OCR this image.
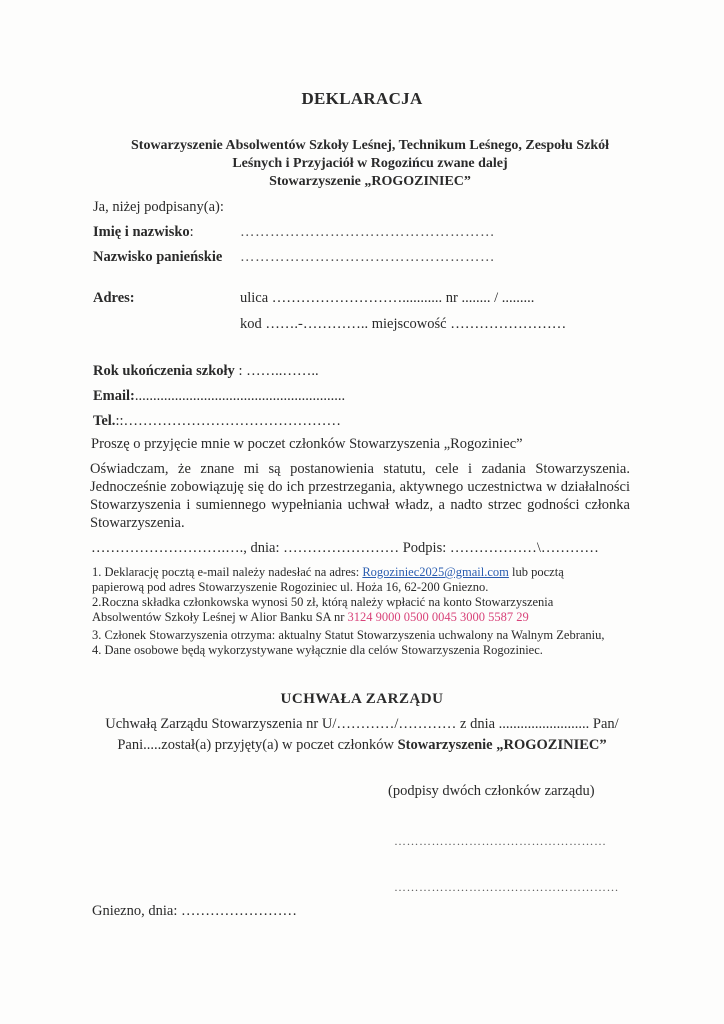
DEKLARACJA
Stowarzyszenie Absolwentów Szkoły Leśnej, Technikum Leśnego, Zespołu Szkół
Leśnych i Przyjaciół w Rogozińcu zwane dalej
Stowarzyszenie „ROGOZINIEC”
Ja, niżej podpisany(a):
Imię i nazwisko:	……………………………………………
Nazwisko panieńskie ……………………………………………
Adres:	ulica ………………………........... nr ........ / .........
kod …….-………….. miejscowość ……………………
Rok ukończenia szkoły : ……..……..
Email:..........................................................
Tel.::………………………………………
Proszę o przyjęcie mnie w poczet członków Stowarzyszenia „Rogoziniec”
Oświadczam, że znane mi są postanowienia statutu, cele i zadania Stowarzyszenia. Jednocześnie zobowiązuję się do ich przestrzegania, aktywnego uczestnictwa w działalności Stowarzyszenia i sumiennego wypełniania uchwał władz, a nadto strzec godności członka Stowarzyszenia.
……………………….…., dnia: …………………… Podpis: ………………\…………
1. Deklarację pocztą e-mail należy nadesłać na adres: Rogoziniec2025@gmail.com lub pocztą
papierową pod adres Stowarzyszenie Rogoziniec ul. Hoża 16, 62-200 Gniezno.
2.Roczna składka członkowska wynosi 50 zł, którą należy wpłacić na konto Stowarzyszenia
Absolwentów Szkoły Leśnej w Alior Banku SA nr 3124 9000 0500 0045 3000 5587 29
3. Członek Stowarzyszenia otrzyma: aktualny Statut Stowarzyszenia uchwalony na Walnym Zebraniu,
4. Dane osobowe będą wykorzystywane wyłącznie dla celów Stowarzyszenia Rogoziniec.
UCHWAŁA ZARZĄDU
Uchwałą Zarządu Stowarzyszenia nr U/…………/………… z dnia ......................... Pan/
Pani.....został(a) przyjęty(a) w poczet członków Stowarzyszenie „ROGOZINIEC”
(podpisy dwóch członków zarządu)
……………………………………………
………………………………………………
Gniezno, dnia: ……………………
